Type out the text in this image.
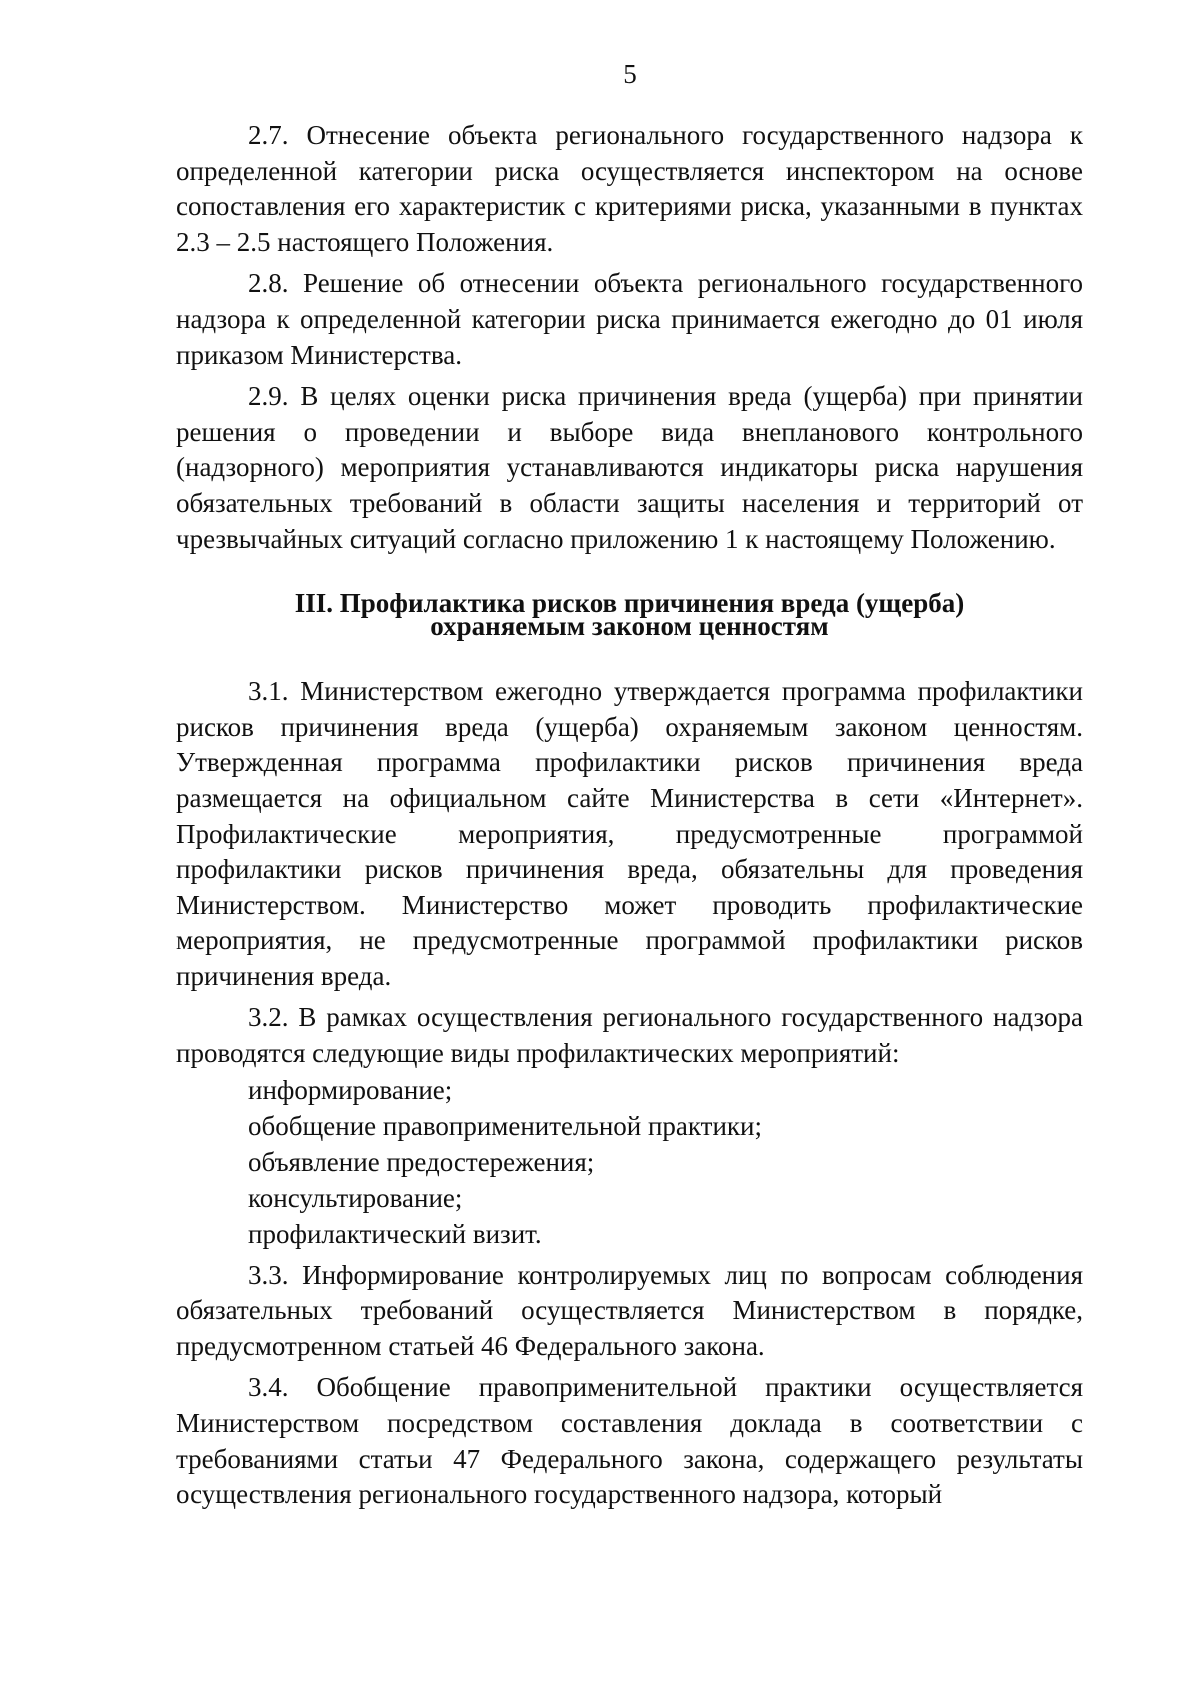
5

2.7. Отнесение объекта регионального государственного надзора к определенной категории риска осуществляется инспектором на основе сопоставления его характеристик с критериями риска, указанными в пунктах 2.3 – 2.5 настоящего Положения.

2.8. Решение об отнесении объекта регионального государственного надзора к определенной категории риска принимается ежегодно до 01 июля приказом Министерства.

2.9. В целях оценки риска причинения вреда (ущерба) при принятии решения о проведении и выборе вида внепланового контрольного (надзорного) мероприятия устанавливаются индикаторы риска нарушения обязательных требований в области защиты населения и территорий от чрезвычайных ситуаций согласно приложению 1 к настоящему Положению.

III. Профилактика рисков причинения вреда (ущерба)
охраняемым законом ценностям

3.1. Министерством ежегодно утверждается программа профилактики рисков причинения вреда (ущерба) охраняемым законом ценностям. Утвержденная программа профилактики рисков причинения вреда размещается на официальном сайте Министерства в сети «Интернет». Профилактические мероприятия, предусмотренные программой профилактики рисков причинения вреда, обязательны для проведения Министерством. Министерство может проводить профилактические мероприятия, не предусмотренные программой профилактики рисков причинения вреда.

3.2. В рамках осуществления регионального государственного надзора проводятся следующие виды профилактических мероприятий:

информирование;

обобщение правоприменительной практики;

объявление предостережения;

консультирование;

профилактический визит.

3.3. Информирование контролируемых лиц по вопросам соблюдения обязательных требований осуществляется Министерством в порядке, предусмотренном статьей 46 Федерального закона.

3.4. Обобщение правоприменительной практики осуществляется Министерством посредством составления доклада в соответствии с требованиями статьи 47 Федерального закона, содержащего результаты осуществления регионального государственного надзора, который
